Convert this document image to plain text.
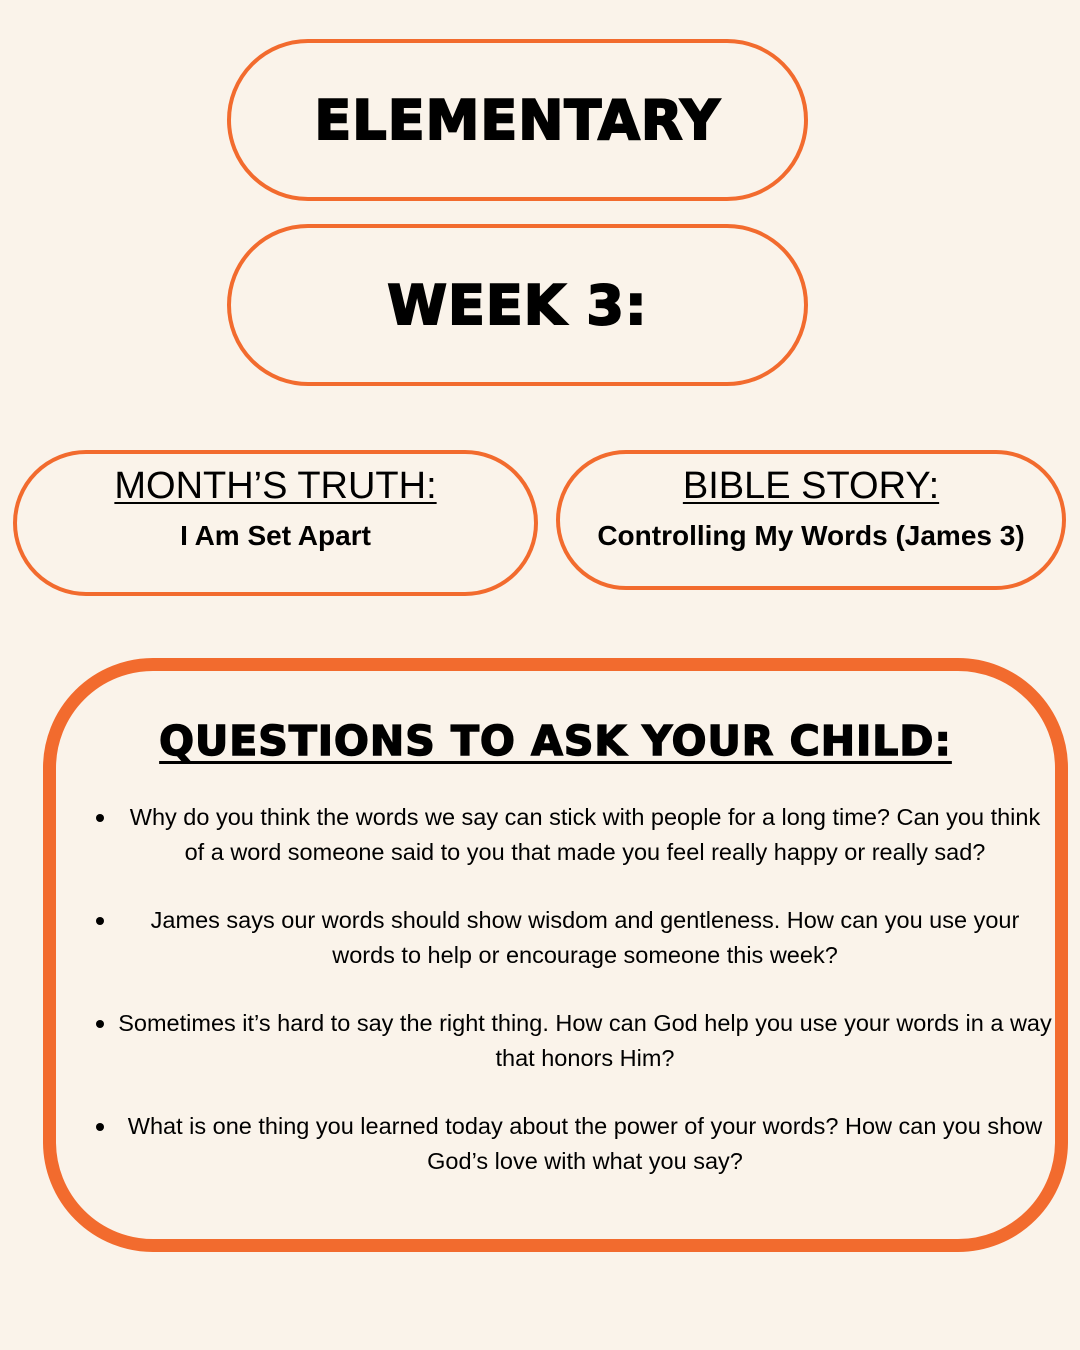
ELEMENTARY
WEEK 3:
MONTH’S TRUTH:
I Am Set Apart
BIBLE STORY:
Controlling My Words (James 3)
QUESTIONS TO ASK YOUR CHILD:
Why do you think the words we say can stick with people for a long time? Can you think of a word someone said to you that made you feel really happy or really sad?
James says our words should show wisdom and gentleness. How can you use your words to help or encourage someone this week?
Sometimes it’s hard to say the right thing. How can God help you use your words in a way that honors Him?
What is one thing you learned today about the power of your words? How can you show God’s love with what you say?
